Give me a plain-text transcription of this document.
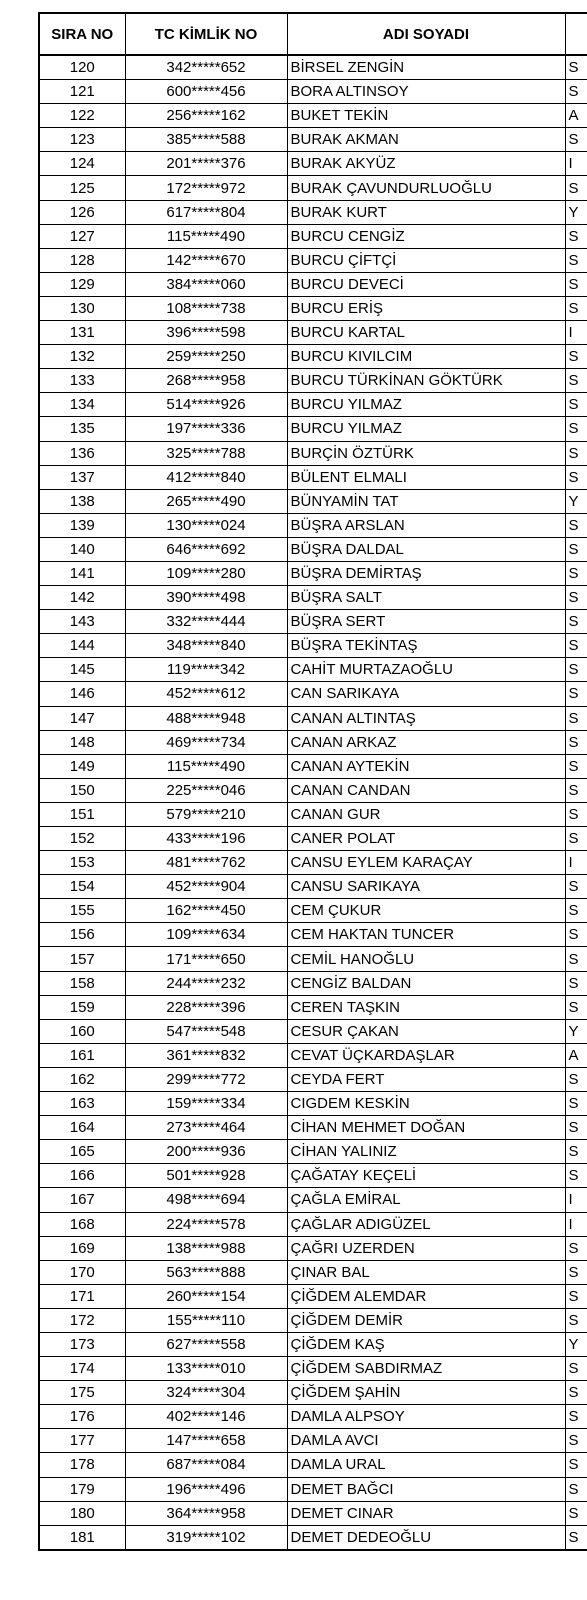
SIRA NO	TC KİMLİK NO	ADI SOYADI	
120	342*****652	BİRSEL ZENGİN	S
121	600*****456	BORA ALTINSOY	S
122	256*****162	BUKET TEKİN	A
123	385*****588	BURAK AKMAN	S
124	201*****376	BURAK AKYÜZ	I
125	172*****972	BURAK ÇAVUNDURLUOĞLU	S
126	617*****804	BURAK KURT	Y
127	115*****490	BURCU CENGİZ	S
128	142*****670	BURCU ÇİFTÇİ	S
129	384*****060	BURCU DEVECİ	S
130	108*****738	BURCU ERİŞ	S
131	396*****598	BURCU KARTAL	I
132	259*****250	BURCU KIVILCIM	S
133	268*****958	BURCU TÜRKİNAN GÖKTÜRK	S
134	514*****926	BURCU YILMAZ	S
135	197*****336	BURCU YILMAZ	S
136	325*****788	BURÇİN ÖZTÜRK	S
137	412*****840	BÜLENT ELMALI	S
138	265*****490	BÜNYAMİN TAT	Y
139	130*****024	BÜŞRA ARSLAN	S
140	646*****692	BÜŞRA DALDAL	S
141	109*****280	BÜŞRA DEMİRTAŞ	S
142	390*****498	BÜŞRA SALT	S
143	332*****444	BÜŞRA SERT	S
144	348*****840	BÜŞRA TEKİNTAŞ	S
145	119*****342	CAHİT MURTAZAOĞLU	S
146	452*****612	CAN SARIKAYA	S
147	488*****948	CANAN ALTINTAŞ	S
148	469*****734	CANAN ARKAZ	S
149	115*****490	CANAN AYTEKİN	S
150	225*****046	CANAN CANDAN	S
151	579*****210	CANAN GUR	S
152	433*****196	CANER POLAT	S
153	481*****762	CANSU EYLEM KARAÇAY	I
154	452*****904	CANSU SARIKAYA	S
155	162*****450	CEM ÇUKUR	S
156	109*****634	CEM HAKTAN TUNCER	S
157	171*****650	CEMİL HANOĞLU	S
158	244*****232	CENGİZ BALDAN	S
159	228*****396	CEREN TAŞKIN	S
160	547*****548	CESUR ÇAKAN	Y
161	361*****832	CEVAT ÜÇKARDAŞLAR	A
162	299*****772	CEYDA FERT	S
163	159*****334	CIGDEM KESKİN	S
164	273*****464	CİHAN MEHMET DOĞAN	S
165	200*****936	CİHAN YALINIZ	S
166	501*****928	ÇAĞATAY KEÇELİ	S
167	498*****694	ÇAĞLA EMİRAL	I
168	224*****578	ÇAĞLAR ADIGÜZEL	I
169	138*****988	ÇAĞRI UZERDEN	S
170	563*****888	ÇINAR BAL	S
171	260*****154	ÇİĞDEM ALEMDAR	S
172	155*****110	ÇİĞDEM DEMİR	S
173	627*****558	ÇİĞDEM KAŞ	Y
174	133*****010	ÇİĞDEM SABDIRMAZ	S
175	324*****304	ÇİĞDEM ŞAHİN	S
176	402*****146	DAMLA ALPSOY	S
177	147*****658	DAMLA AVCI	S
178	687*****084	DAMLA URAL	S
179	196*****496	DEMET BAĞCI	S
180	364*****958	DEMET CINAR	S
181	319*****102	DEMET DEDEOĞLU	S
